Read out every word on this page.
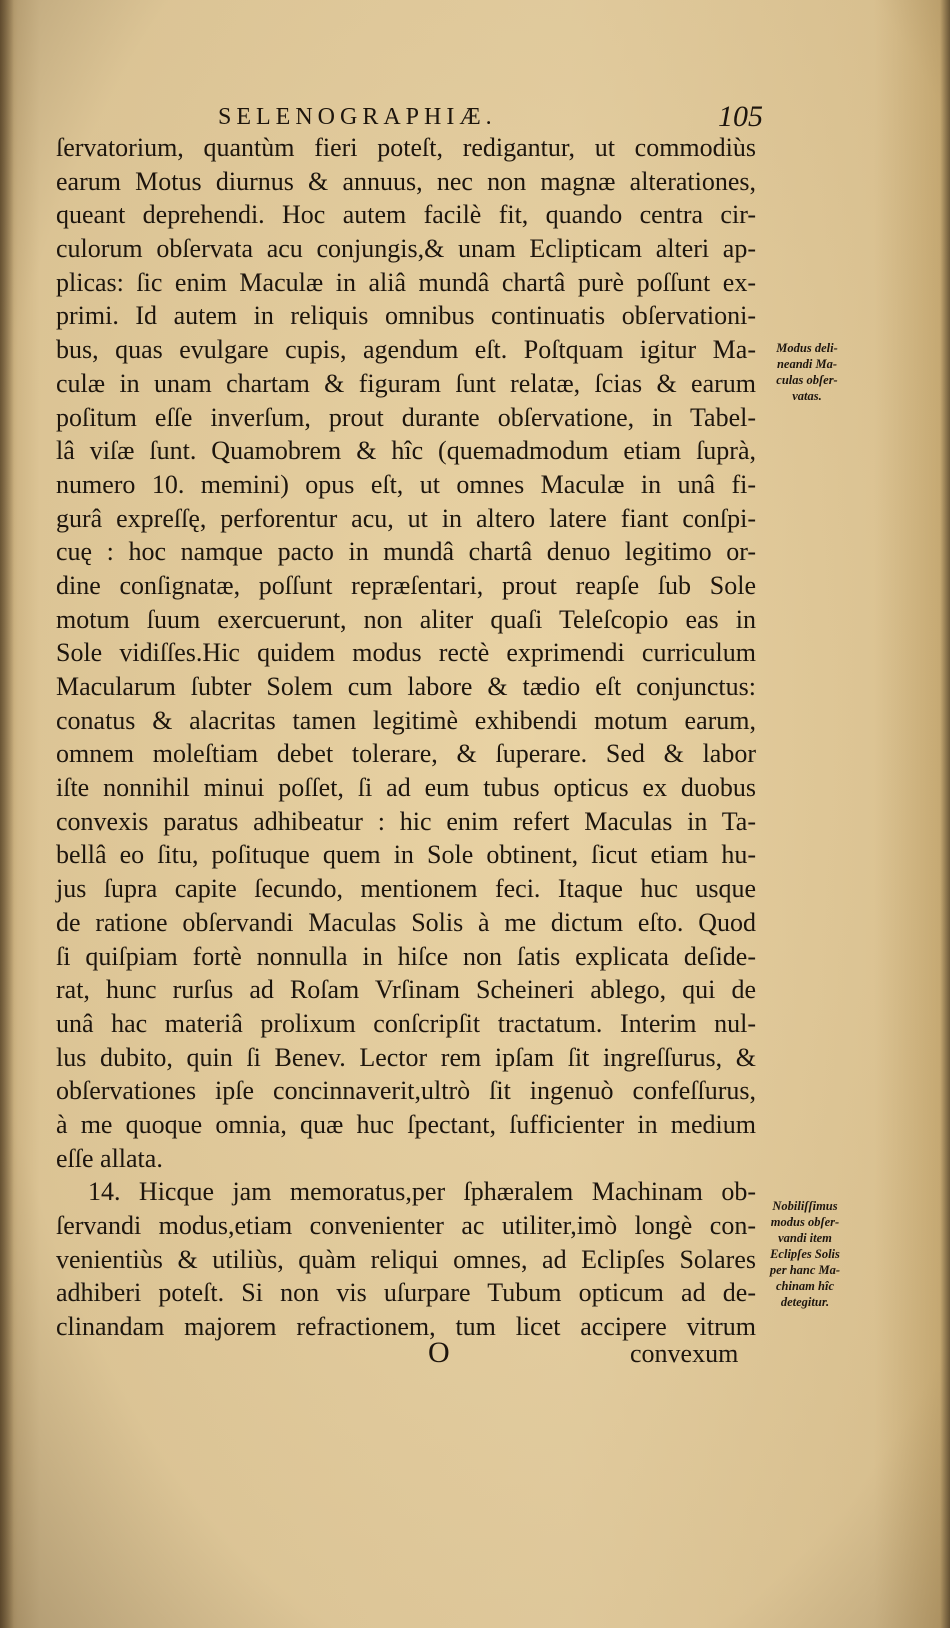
SELENOGRAPHIÆ.	105
ſervatorium, quantùm fieri poteſt, redigantur, ut commodiùs
earum Motus diurnus & annuus, nec non magnæ alterationes,
queant deprehendi. Hoc autem facilè fit, quando centra cir-
culorum obſervata acu conjungis,& unam Eclipticam alteri ap-
plicas: ſic enim Maculæ in aliâ mundâ chartâ purè poſſunt ex-
primi. Id autem in reliquis omnibus continuatis obſervationi-
bus, quas evulgare cupis, agendum eſt. Poſtquam igitur Ma-
culæ in unam chartam & figuram ſunt relatæ, ſcias & earum
poſitum eſſe inverſum, prout durante obſervatione, in Tabel-
lâ viſæ ſunt. Quamobrem & hîc (quemadmodum etiam ſuprà,
numero 10. memini) opus eſt, ut omnes Maculæ in unâ fi-
gurâ expreſſę, perforentur acu, ut in altero latere fiant conſpi-
cuę : hoc namque pacto in mundâ chartâ denuo legitimo or-
dine conſignatæ, poſſunt repræſentari, prout reapſe ſub Sole
motum ſuum exercuerunt, non aliter quaſi Teleſcopio eas in
Sole vidiſſes.Hic quidem modus rectè exprimendi curriculum
Macularum ſubter Solem cum labore & tædio eſt conjunctus:
conatus & alacritas tamen legitimè exhibendi motum earum,
omnem moleſtiam debet tolerare, & ſuperare. Sed & labor
iſte nonnihil minui poſſet, ſi ad eum tubus opticus ex duobus
convexis paratus adhibeatur : hic enim refert Maculas in Ta-
bellâ eo ſitu, poſituque quem in Sole obtinent, ſicut etiam hu-
jus ſupra capite ſecundo, mentionem feci. Itaque huc usque
de ratione obſervandi Maculas Solis à me dictum eſto. Quod
ſi quiſpiam fortè nonnulla in hiſce non ſatis explicata deſide-
rat, hunc rurſus ad Roſam Vrſinam Scheineri ablego, qui de
unâ hac materiâ prolixum conſcripſit tractatum. Interim nul-
lus dubito, quin ſi Benev. Lector rem ipſam ſit ingreſſurus, &
obſervationes ipſe concinnaverit,ultrò ſit ingenuò confeſſurus,
à me quoque omnia, quæ huc ſpectant, ſufficienter in medium
eſſe allata.
14. Hicque jam memoratus,per ſphæralem Machinam ob-
ſervandi modus,etiam convenienter ac utiliter,imò longè con-
venientiùs & utiliùs, quàm reliqui omnes, ad Eclipſes Solares
adhiberi poteſt. Si non vis uſurpare Tubum opticum ad de-
clinandam majorem refractionem, tum licet accipere vitrum
Modus deli-
neandi Ma-
culas obſer-
vatas.
Nobiliſſimus
modus obſer-
vandi item
Eclipſes Solis
per hanc Ma-
chinam hîc
detegitur.
O	convexum
